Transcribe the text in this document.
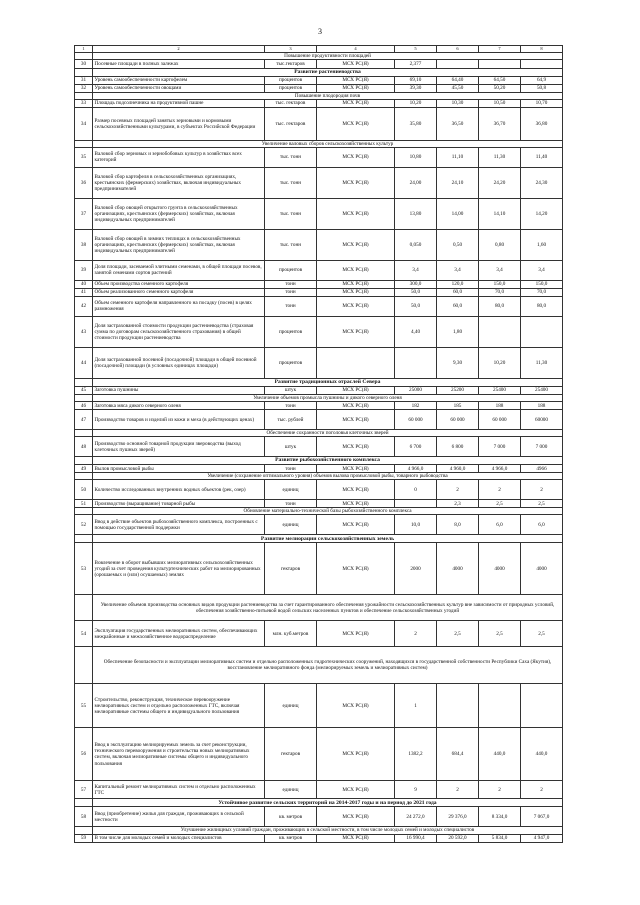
3
1	2	3	4	5	6	7	8
	Повышение продуктивности площадей						
30	Посевные площади в полных залежах	тыс.гектаров	МСХ РС(Я)	2,377			
	Развитие растениеводства						
31	Уровень самообеспеченности картофелем	процентов	МСХ РС(Я)	69,10	64,40	64,50	64,9
32	Уровень самообеспеченности овощами	процентов	МСХ РС(Я)	39,30	45,50	50,20	50,8
	Повышение плодородия почв						
33	Площадь подсолнечника на продуктивной пашне	тыс. гектаров	МСХ РС(Я)	10,20	10,30	10,50	10,70
34	Размер посевных площадей занятых зерновыми и кормовыми сельскохозяйственными культурами, в субъектах Российской Федерации	тыс. гектаров	МСХ РС(Я)	35,80	36,50	36,70	36,80
	Увеличение валовых сборов сельскохозяйственных культур						
35	Валовой сбор зерновых и зернобобовых культур в хозяйствах всех категорий	тыс. тонн	МСХ РС(Я)	10,80	11,10	11,30	11,40
36	Валовой сбор картофеля в сельскохозяйственных организациях, крестьянских (фермерских) хозяйствах, включая индивидуальных предпринимателей	тыс. тонн	МСХ РС(Я)	24,00	24,10	24,20	24,30
37	Валовой сбор овощей открытого грунта в сельскохозяйственных организациях, крестьянских (фермерских) хозяйствах, включая индивидуальных предпринимателей	тыс. тонн	МСХ РС(Я)	13,80	14,00	14,10	14,20
38	Валовой сбор овощей в зимних теплицах в сельскохозяйственных организациях, крестьянских (фермерских) хозяйствах, включая индивидуальных предпринимателей	тыс. тонн	МСХ РС(Я)	0,050	0,50	0,80	1,60
39	Доля площади, засеваемой элитными семенами, в общей площади посевов, занятой семенами сортов растений	процентов	МСХ РС(Я)	3,4	3,4	3,4	3,4
40	Объем производства семенного картофеля	тонн	МСХ РС(Я)	300,0	120,0	150,0	150,0
41	Объем реализованного семенного картофеля	тонн	МСХ РС(Я)	50,0	60,0	70,0	70,0
42	Объем семенного картофеля направленного на посадку (посев) в целях размножения	тонн	МСХ РС(Я)	50,0	60,0	80,0	80,0
43	Доля застрахованной стоимости продукции растениеводства (страховая сумма по договорам сельскохозяйственного страхования) в общей стоимости продукции растениеводства	процентов	МСХ РС(Я)	4,40	1,80		
44	Доля застрахованной посевной (посадочной) площади в общей посевной (посадочной) площади (в условных единицах площади)	процентов			9,30	10,20	11,30
	Развитие традиционных отраслей Севера						
45	Заготовка пушнины	штук	МСХ РС(Я)	25000	25200	25400	25400
	Увеличение объемов промысла пушнины и дикого северного оленя						
46	Заготовка мяса дикого северного оленя	тонн	МСХ РС(Я)	182	185	188	188
47	Производство товаров и изделий из кожи и меха (в действующих ценах)	тыс. рублей	МСХ РС(Я)	60 000	60 000	60 000	60000
	Обеспечение сохранности поголовья клеточных зверей						
48	Производство основной товарной продукции звероводства (выход клеточных пушных зверей)	штук	МСХ РС(Я)	6 700	6 800	7 000	7 000
	Развитие рыбохозяйственного комплекса						
49	Вылов промысловой рыбы	тонн	МСХ РС(Я)	4 966,0	4 960,0	4 966,0	4966
	Увеличение (сохранение оптимального уровня) объемов вылова промысловой рыбы, товарного рыбоводства						
50	Количество исследованных внутренних водных объектов (рек, озер)	единиц	МСХ РС(Я)	0	2	2	2
51	Производство (выращивание) товарной рыбы	тонн	МСХ РС(Я)		2,3	2,5	2,5
	Обновление материально-технической базы рыбохозяйственного комплекса						
52	Ввод в действие объектов рыбохозяйственного комплекса, построенных с помощью государственной поддержки	единиц	МСХ РС(Я)	10,0	8,0	6,0	6,0
	Развитие мелиорации сельскохозяйственных земель						
53	Вовлечение в оборот выбывших мелиоративных сельскохозяйственных угодий за счет проведения культуртехнических работ на мелиорированных (орошаемых и (или) осушаемых) землях	гектаров	МСХ РС(Я)	2000	4000	4000	4000
	Увеличение объемов производства основных видов продукции растениеводства за счет гарантированного обеспечения урожайности сельскохозяйственных культур вне зависимости от природных условий, обеспечения хозяйственно-питьевой водой сельских населенных пунктов и обеспечение сельскохозяйственных угодий						
54	Эксплуатация государственных мелиоративных систем, обеспечивающих межрайонные и межхозяйственное водораспределение	млн. куб.метров	МСХ РС(Я)	2	2,5	2,5	2,5
	Обеспечение безопасности и эксплуатации мелиоративных систем и отдельно расположенных гидротехнических сооружений, находящихся в государственной собственности Республики Саха (Якутия), восстановление мелиоративного фонда (мелиорируемых земель и мелиоративных систем)						
55	Строительство, реконструкция, техническое перевооружение мелиоративных систем и отдельно расположенных ГТС, включая мелиоративные системы общего и индивидуального пользования	единиц	МСХ РС(Я)	1			
56	Ввод в эксплуатацию мелиорируемых земель за счет реконструкции, технического перевооружения и строительства новых мелиоративных систем, включая мелиоративные системы общего и индивидуального пользования	гектаров	МСХ РС(Я)	1382,2	684,4	440,0	440,0
57	Капитальный ремонт мелиоративных систем и отдельно расположенных ГТС	единиц	МСХ РС(Я)	9	2	2	2
	Устойчивое развитие сельских территорий на 2014-2017 годы и на период до 2021 года						
58	Ввод (приобретение) жилья для граждан, проживающих в сельской местности	кв. метров	МСХ РС(Я)	24 272,0	29 376,0	8 334,0	7 067,0
	Улучшение жилищных условий граждан, проживающих в сельской местности, в том числе молодых семей и молодых специалистов						
59	В том числе для молодых семей и молодых специалистов	кв. метров	МСХ РС(Я)	16 990,4	20 592,0	5 834,0	4 947,0
